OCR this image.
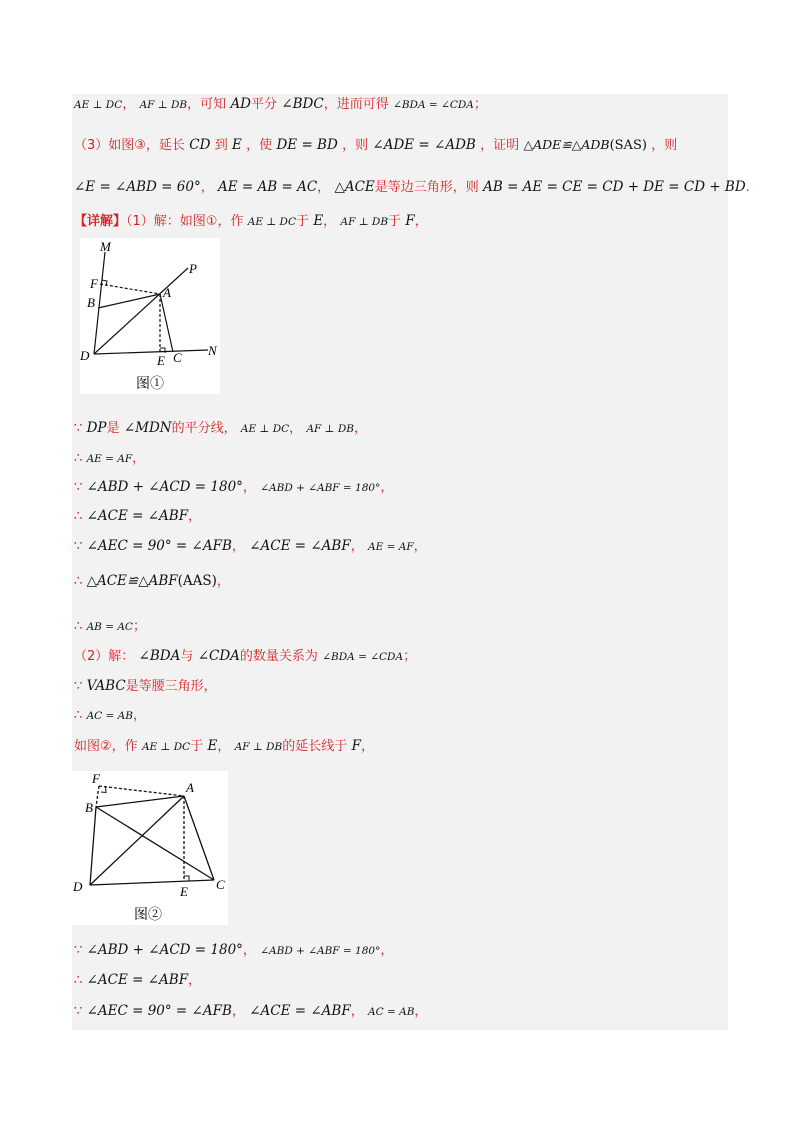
AE ⊥ DC， AF ⊥ DB，可知 AD平分 ∠BDC，进而可得 ∠BDA = ∠CDA；
（3）如图③，延长 CD 到 E ，使 DE = BD ，则 ∠ADE = ∠ADB ，证明 △ADE≌△ADB(SAS) ，则
∠E = ∠ABD = 60°， AE = AB = AC， △ACE是等边三角形，则 AB = AE = CE = CD + DE = CD + BD.
【详解】（1）解：如图①，作 AE ⊥ DC于 E， AF ⊥ DB于 F，
M
P
F
A
B
D	E C N
图①
∵ DP是 ∠MDN的平分线， AE ⊥ DC， AF ⊥ DB，
∴ AE = AF，
∵ ∠ABD + ∠ACD = 180°， ∠ABD + ∠ABF = 180°，
∴ ∠ACE = ∠ABF，
∵ ∠AEC = 90° = ∠AFB， ∠ACE = ∠ABF， AE = AF，
∴ △ACE≌△ABF(AAS)，
∴ AB = AC；
（2）解： ∠BDA与 ∠CDA的数量关系为 ∠BDA = ∠CDA；
∵ VABC是等腰三角形，
∴ AC = AB，
如图②，作 AE ⊥ DC于 E， AF ⊥ DB的延长线于 F，
F
A
B
D	E C
图②
∵ ∠ABD + ∠ACD = 180°， ∠ABD + ∠ABF = 180°，
∴ ∠ACE = ∠ABF，
∵ ∠AEC = 90° = ∠AFB， ∠ACE = ∠ABF， AC = AB，
